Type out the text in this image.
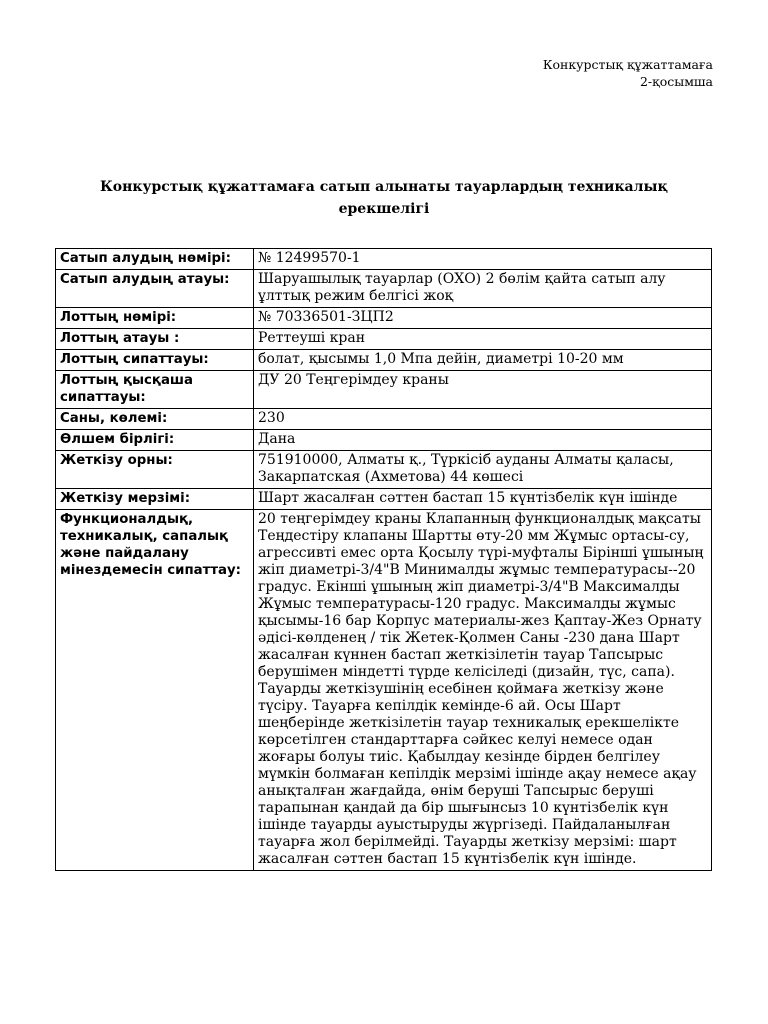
Конкурстық құжаттамаға
2-қосымша
Конкурстық құжаттамаға сатып алынаты тауарлардың техникалық ерекшелігі
Сатып алудың нөмірі:	№ 12499570-1
Сатып алудың атауы:	Шаруашылық тауарлар (ОХО) 2 бөлім қайта сатып алу ұлттық режим белгісі жоқ
Лоттың нөмірі:	№ 70336501-ЗЦП2
Лоттың атауы :	Реттеуші кран
Лоттың сипаттауы:	болат, қысымы 1,0 Мпа дейін, диаметрі 10-20 мм
Лоттың қысқаша сипаттауы:	ДУ 20 Теңгерімдеу краны
Саны, көлемі:	230
Өлшем бірлігі:	Дана
Жеткізу орны:	751910000, Алматы қ., Түркісіб ауданы Алматы қаласы, Закарпатская (Ахметова) 44 көшесі
Жеткізу мерзімі:	Шарт жасалған сәттен бастап 15 күнтізбелік күн ішінде
Функционалдық, техникалық, сапалық және пайдалану мінездемесін сипаттау:	20 теңгерімдеу краны Клапанның функционалдық мақсаты Теңдестіру клапаны Шартты өту-20 мм Жұмыс ортасы-су, агрессивті емес орта Қосылу түрі-муфталы Бірінші ұшының жіп диаметрі-3/4"В Минималды жұмыс температурасы--20 градус. Екінші ұшының жіп диаметрі-3/4"В Максималды Жұмыс температурасы-120 градус. Максималды жұмыс қысымы-16 бар Корпус материалы-жез Қаптау-Жез Орнату әдісі-көлденең / тік Жетек-Қолмен Саны -230 дана Шарт жасалған күннен бастап жеткізілетін тауар Тапсырыс берушімен міндетті түрде келісіледі (дизайн, түс, сапа). Тауарды жеткізушінің есебінен қоймаға жеткізу және түсіру. Тауарға кепілдік кемінде-6 ай. Осы Шарт шеңберінде жеткізілетін тауар техникалық ерекшелікте көрсетілген стандарттарға сәйкес келуі немесе одан жоғары болуы тиіс. Қабылдау кезінде бірден белгілеу мүмкін болмаған кепілдік мерзімі ішінде ақау немесе ақау анықталған жағдайда, өнім беруші Тапсырыс беруші тарапынан қандай да бір шығынсыз 10 күнтізбелік күн ішінде тауарды ауыстыруды жүргізеді. Пайдаланылған тауарға жол берілмейді. Тауарды жеткізу мерзімі: шарт жасалған сәттен бастап 15 күнтізбелік күн ішінде.
